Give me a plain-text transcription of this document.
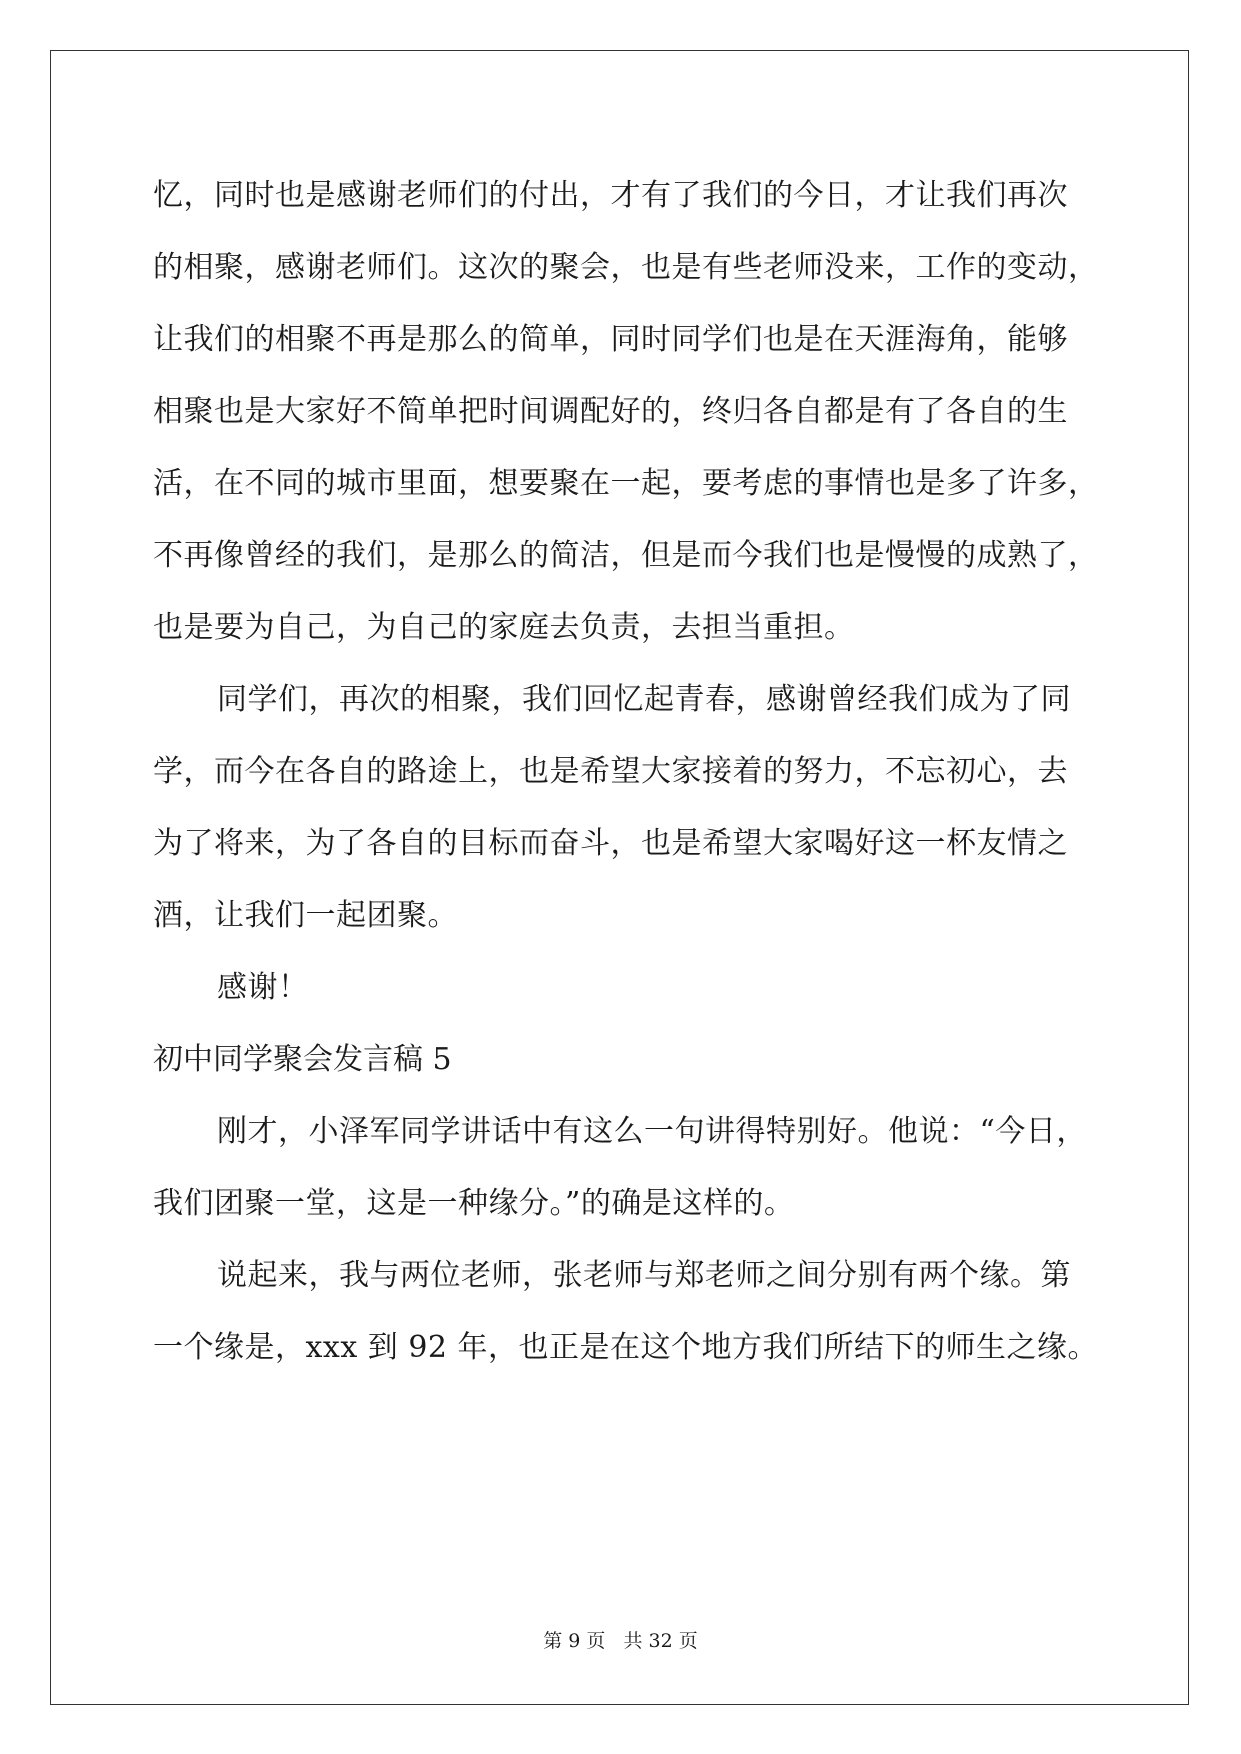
忆，同时也是感谢老师们的付出，才有了我们的今日，才让我们再次
的相聚，感谢老师们。这次的聚会，也是有些老师没来，工作的变动，
让我们的相聚不再是那么的简单，同时同学们也是在天涯海角，能够
相聚也是大家好不简单把时间调配好的，终归各自都是有了各自的生
活，在不同的城市里面，想要聚在一起，要考虑的事情也是多了许多，
不再像曾经的我们，是那么的简洁，但是而今我们也是慢慢的成熟了，
也是要为自己，为自己的家庭去负责，去担当重担。
同学们，再次的相聚，我们回忆起青春，感谢曾经我们成为了同
学，而今在各自的路途上，也是希望大家接着的努力，不忘初心，去
为了将来，为了各自的目标而奋斗，也是希望大家喝好这一杯友情之
酒，让我们一起团聚。
感谢！
初中同学聚会发言稿 5
刚才，小泽军同学讲话中有这么一句讲得特别好。他说：“今日，
我们团聚一堂，这是一种缘分。”的确是这样的。
说起来，我与两位老师，张老师与郑老师之间分别有两个缘。第
一个缘是，xxx 到 92 年，也正是在这个地方我们所结下的师生之缘。
第 9 页 共 32 页
